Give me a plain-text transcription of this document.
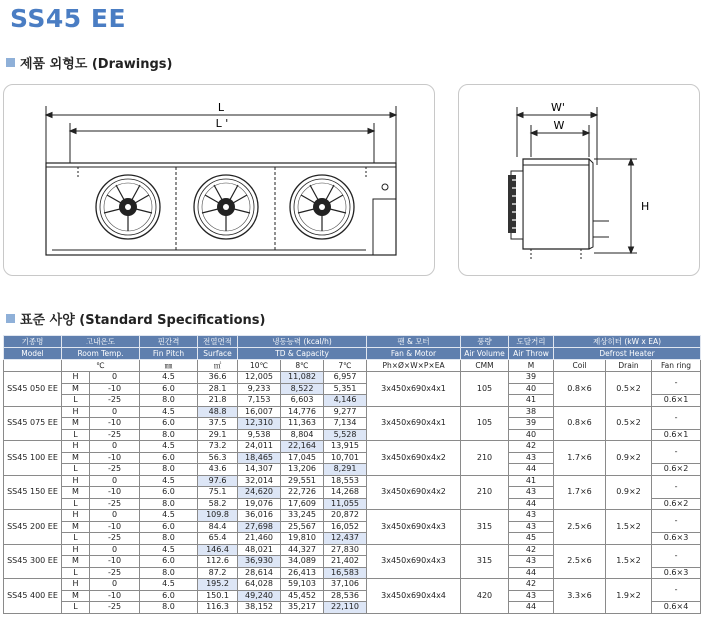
SS45 EE
제품 외형도 (Drawings)
L
L '
W'
W
H
표준 사양 (Standard Specifications)
기종명	고내온도		핀간격	전열면적	냉동능력 (kcal/h)			팬 & 모터	풍량	도달거리	제상히터 (kW x EA)		
Model	Room Temp.		Fin Pitch	Surface	TD & Capacity			Fan & Motor	Air Volume	Air Throw	Defrost Heater		
	℃		㎜	㎡	10℃	8℃	7℃	Ph×Ø×W×P×EA	CMM	M	Coil	Drain	Fan ring
SS45 050 EE	H	0	4.5	36.6	12,005	11,082	6,957	3x450x690x4x1	105	39	0.8×6	0.5×2	-
	M	-10	6.0	28.1	9,233	8,522	5,351			40			
	L	-25	8.0	21.8	7,153	6,603	4,146			41			0.6×1
SS45 075 EE	H	0	4.5	48.8	16,007	14,776	9,277	3x450x690x4x1	105	38	0.8×6	0.5×2	-
	M	-10	6.0	37.5	12,310	11,363	7,134			39			
	L	-25	8.0	29.1	9,538	8,804	5,528			40			0.6×1
SS45 100 EE	H	0	4.5	73.2	24,011	22,164	13,915	3x450x690x4x2	210	42	1.7×6	0.9×2	-
	M	-10	6.0	56.3	18,465	17,045	10,701			43			
	L	-25	8.0	43.6	14,307	13,206	8,291			44			0.6×2
SS45 150 EE	H	0	4.5	97.6	32,014	29,551	18,553	3x450x690x4x2	210	41	1.7×6	0.9×2	-
	M	-10	6.0	75.1	24,620	22,726	14,268			43			
	L	-25	8.0	58.2	19,076	17,609	11,055			44			0.6×2
SS45 200 EE	H	0	4.5	109.8	36,016	33,245	20,872	3x450x690x4x3	315	43	2.5×6	1.5×2	-
	M	-10	6.0	84.4	27,698	25,567	16,052			43			
	L	-25	8.0	65.4	21,460	19,810	12,437			45			0.6×3
SS45 300 EE	H	0	4.5	146.4	48,021	44,327	27,830	3x450x690x4x3	315	42	2.5×6	1.5×2	-
	M	-10	6.0	112.6	36,930	34,089	21,402			43			
	L	-25	8.0	87.2	28,614	26,413	16,583			44			0.6×3
SS45 400 EE	H	0	4.5	195.2	64,028	59,103	37,106	3x450x690x4x4	420	42	3.3×6	1.9×2	-
	M	-10	6.0	150.1	49,240	45,452	28,536			43			
	L	-25	8.0	116.3	38,152	35,217	22,110			44			0.6×4
